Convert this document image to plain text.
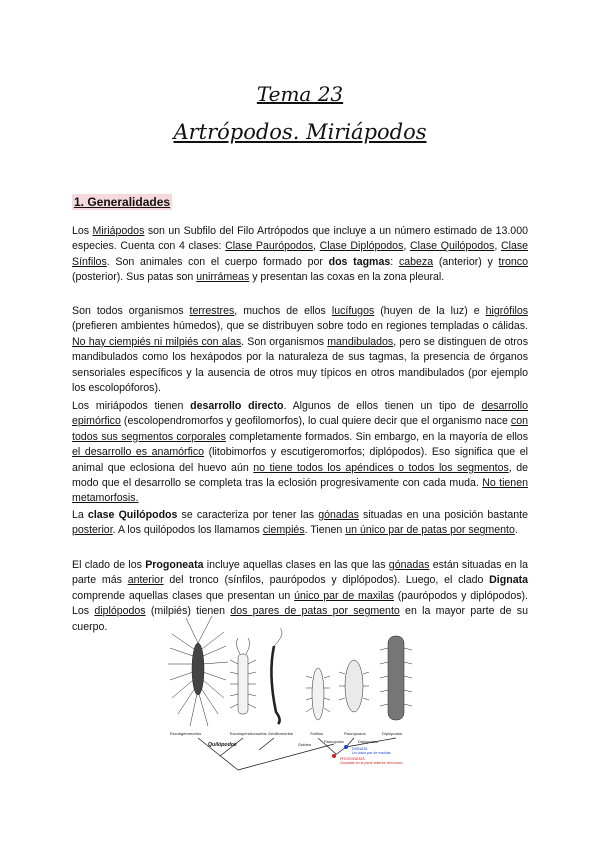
Tema 23
Artrópodos. Miriápodos
1. Generalidades

Los Miriápodos son un Subfilo del Filo Artrópodos que incluye a un número estimado de 13.000 especies. Cuenta con 4 clases: Clase Paurópodos, Clase Diplópodos, Clase Quilópodos, Clase Sínfilos. Son animales con el cuerpo formado por dos tagmas: cabeza (anterior) y tronco (posterior). Sus patas son unirrámeas y presentan las coxas en la zona pleural.

Son todos organismos terrestres, muchos de ellos lucífugos (huyen de la luz) e higrófilos (prefieren ambientes húmedos), que se distribuyen sobre todo en regiones templadas o cálidas. No hay ciempiés ni milpiés con alas. Son organismos mandibulados, pero se distinguen de otros mandibulados como los hexápodos por la naturaleza de sus tagmas, la presencia de órganos sensoriales específicos y la ausencia de otros muy típicos en otros mandibulados (por ejemplo los escolopóforos).

Los miriápodos tienen desarrollo directo. Algunos de ellos tienen un tipo de desarrollo epimórfico (escolopendromorfos y geofilomorfos), lo cual quiere decir que el organismo nace con todos sus segmentos corporales completamente formados. Sin embargo, en la mayoría de ellos el desarrollo es anamórfico (litobimorfos y escutigeromorfos; diplópodos). Eso significa que el animal que eclosiona del huevo aún no tiene todos los apéndices o todos los segmentos, de modo que el desarrollo se completa tras la eclosión progresivamente con cada muda. No tienen metamorfosis.

La clase Quilópodos se caracteriza por tener las gónadas situadas en una posición bastante posterior. A los quilópodos los llamamos ciempiés. Tienen un único par de patas por segmento.

El clado de los Progoneata incluye aquellas clases en las que las gónadas están situadas en la parte más anterior del tronco (sínfilos, paurópodos y diplópodos). Luego, el clado Dignata comprende aquellas clases que presentan un único par de maxilas (paurópodos y diplópodos). Los diplópodos (milpiés) tienen dos pares de patas por segmento en la mayor parte de su cuerpo.

Escutigeromorfos	Escolopendromorfos Geofilomorfos	Sínfilos	Paurópodos	Diplópodos
Quilópodos	Gnidea
Pauropoda	Diplopodos
DIGNATA
Un único par de maxilas
PROGONEATA
Gónadas en la parte anterior del tronco
